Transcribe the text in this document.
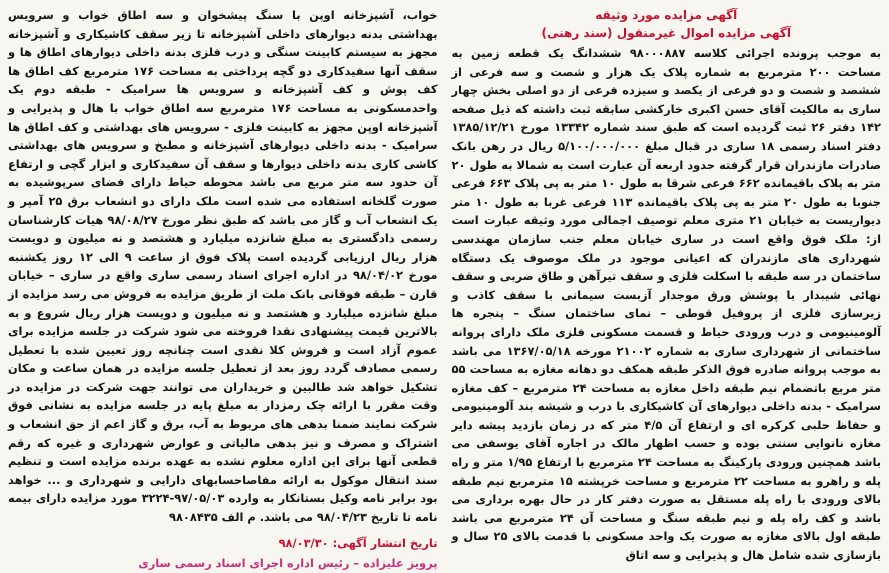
آگهی مزایده مورد وثیقه
آگهی مزایده اموال غیرمنقول (سند رهنی)

به موجب پرونده اجرائی کلاسه ۹۸۰۰۰۸۸۷ ششدانگ یک قطعه زمین به مساحت ۲۰۰ مترمربع به شماره پلاک یک هزار و شصت و سه فرعی از ششصد و شصت و دو فرعی از یکصد و سیزده فرعی از دو اصلی بخش چهار ساری به مالکیت آقای حسن اکبری خارکشی سابقه ثبت داشته که ذیل صفحه ۱۴۲ دفتر ۲۶ ثبت گردیده است که طبق سند شماره ۱۳۳۴۲ مورخ ۱۳۸۵/۱۲/۲۱ دفتر اسناد رسمی ۱۸ ساری در قبال مبلغ ۵/۱۰۰/۰۰۰/۰۰۰ ریال در رهن بانک صادرات مازندران قرار گرفته حدود اربعه آن عبارت است به شمالا به طول ۲۰ متر به پلاک باقیمانده ۶۶۲ فرعی شرقا به طول ۱۰ متر به پی پلاک ۶۶۳ فرعی جنوبا به طول ۲۰ متر به پی پلاک باقیمانده ۱۱۳ فرعی غربا به طول ۱۰ متر دیواریست به خیابان ۲۱ متری معلم توصیف اجمالی مورد وثیقه عبارت است از: ملک فوق واقع است در ساری خیابان معلم جنب سازمان مهندسی شهرداری های مازندران که اعیانی موجود در ملک موصوف یک دستگاه ساختمان در سه طبقه با اسکلت فلزی و سقف تیرآهن و طاق ضربی و سقف نهائی شیبدار با پوشش ورق موجدار آزبست سیمانی با سقف کاذب و زیرسازی فلزی از پروفیل قوطی – نمای ساختمان سنگ – پنجره ها آلومینیومی و درب ورودی حیاط و قسمت مسکونی فلزی ملک دارای پروانه ساختمانی از شهرداری ساری به شماره ۲۱۰۰۲ مورخه ۱۳۶۷/۰۵/۱۸ می باشد به موجب پروانه صادره فوق الذکر طبقه همکف دو دهانه مغازه به مساحت ۵۵ متر مربع باتضمام نیم طبقه داخل مغازه به مساحت ۲۴ مترمربع – کف مغازه سرامیک - بدنه داخلی دیوارهای آن کاشیکاری با درب و شیشه بند آلومینیومی و حفاظ حلبی کرکره ای و ارتفاع آن ۴/۵ متر که در زمان بازدید پیشه دایر مغازه نانوایی سنتی بوده و حسب اظهار مالک در اجاره آقای یوسفی می باشد همچنین ورودی پارکینگ به مساحت ۲۴ مترمربع با ارتفاع ۱/۹۵ متر و راه پله و راهرو به مساحت ۲۲ مترمربع و مساحت خرپشته ۱۵ مترمربع نیم طبقه بالای ورودی با راه پله مستقل به صورت دفتر کار در حال بهره برداری می باشد و کف راه پله و نیم طبقه سنگ و مساحت آن ۲۴ مترمربع می باشد طبقه اول بالای مغازه به صورت یک واحد مسکونی با قدمت بالای ۲۵ سال و بازسازی شده شامل هال و پذیرایی و سه اتاق

خواب، آشپزخانه اوپن با سنگ پیشخوان و سه اطاق خواب و سرویس بهداشتی بدنه دیوارهای داخلی آشپزخانه تا زیر سقف کاشیکاری و آشپزخانه مجهز به سیستم کابینت سنگی و درب فلزی بدنه داخلی دیوارهای اطاق ها و سقف آنها سفیدکاری دو گچه پرداختی به مساحت ۱۷۶ مترمربع کف اطاق ها کف پوش و کف آشپزخانه و سرویس ها سرامیک - طبقه دوم یک واحدمسکونی به مساحت ۱۷۶ مترمربع سه اطاق خواب با هال و پذیرایی و آشپزخانه اوپن مجهز به کابینت فلزی - سرویس های بهداشتی و کف اطاق ها سرامیک - بدنه داخلی دیوارهای آشپزخانه و مطبخ و سرویس های بهداشتی کاشی کاری بدنه داخلی دیوارها و سقف آن سفیدکاری و ابزار گچی و ارتفاع آن حدود سه متر مربع می باشد محوطه حیاط دارای فضای سرپوشیده به صورت گلخانه استفاده می شده است ملک دارای دو انشعاب برق ۲۵ آمپر و یک انشعاب آب و گاز می باشد که طبق نظر مورخ ۹۸/۰۸/۲۷ هیات کارشناسان رسمی دادگستری به مبلغ شانزده میلیارد و هشتصد و نه میلیون و دویست هزار ریال ارزیابی گردیده است پلاک فوق از ساعت ۹ الی ۱۲ روز یکشنبه مورخ ۹۸/۰۴/۰۲ در اداره اجرای اسناد رسمی ساری واقع در ساری – خیابان قارن – طبقه فوقانی بانک ملت از طریق مزایده به فروش می رسد مزایده از مبلغ شانزده میلیارد و هشتصد و نه میلیون و دویست هزار ریال شروع و به بالاترین قیمت پیشنهادی نقدا فروخته می شود شرکت در جلسه مزایده برای عموم آزاد است و فروش کلا نقدی است چنانچه روز تعیین شده با تعطیل رسمی مصادف گردد روز بعد از تعطیل جلسه مزایده در همان ساعت و مکان تشکیل خواهد شد طالبین و خریداران می توانند جهت شرکت در مزایده در وقت مقرر با ارائه چک رمزدار به مبلغ پایه در جلسه مزایده به نشانی فوق شرکت نمایند ضمنا بدهی های مربوط به آب، برق و گاز اعم از حق انشعاب و اشتراک و مصرف و نیز بدهی مالیاتی و عوارض شهرداری و غیره که رقم قطعی آنها برای این اداره معلوم نشده به عهده برنده مزایده است و تنظیم سند انتقال موکول به ارائه مفاصاحسابهای دارایی و شهرداری و ... خواهد بود برابر نامه وکیل بستانکار به وارده ۹۷/۰۵/۰۳-۳۲۲۴ مورد مزایده دارای بیمه نامه تا تاریخ ۹۸/۰۴/۲۳ می باشد. م الف ۹۸۰۸۴۳۵

تاریخ انتشار آگهی: ۹۸/۰۳/۳۰
پرویز علیزاده – رئیس اداره اجرای اسناد رسمی ساری
